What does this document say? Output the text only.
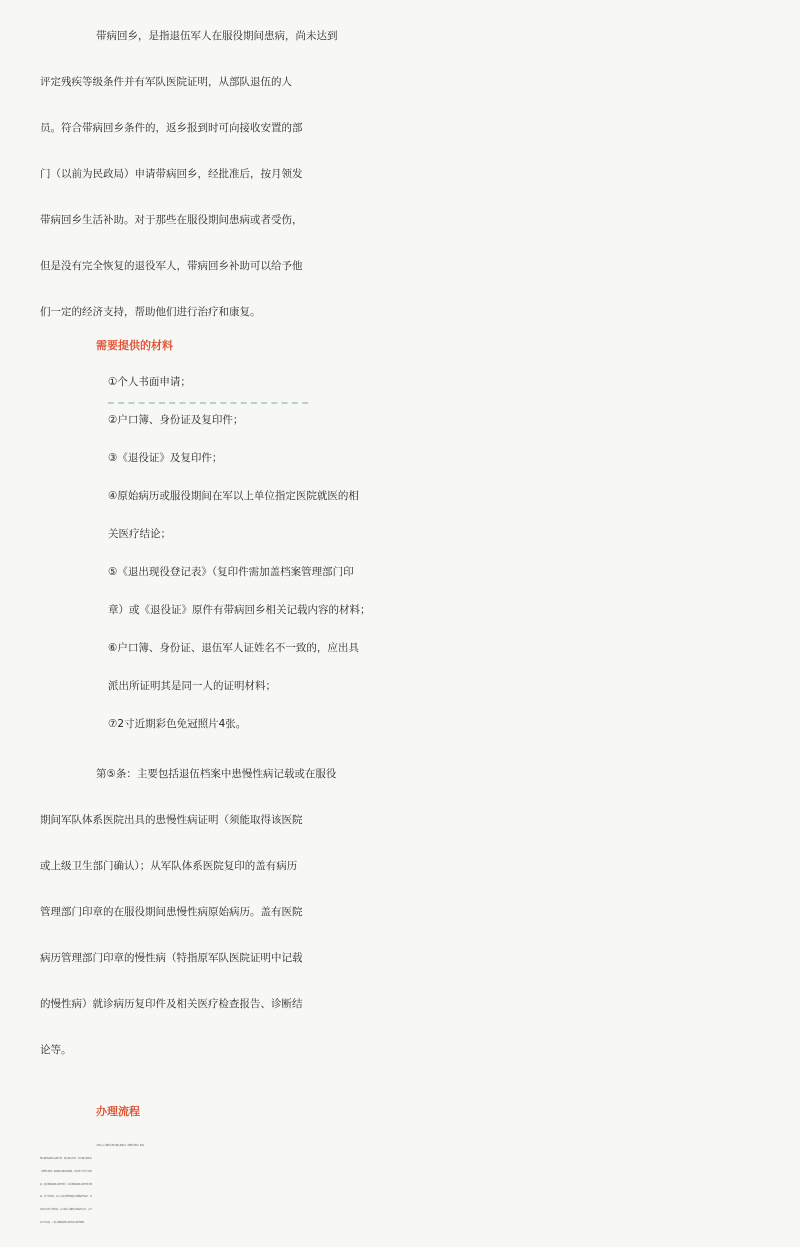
带病回乡，是指退伍军人在服役期间患病，尚未达到
评定残疾等级条件并有军队医院证明，从部队退伍的人
员。符合带病回乡条件的，返乡报到时可向接收安置的部
门（以前为民政局）申请带病回乡，经批准后，按月领发
带病回乡生活补助。对于那些在服役期间患病或者受伤，
但是没有完全恢复的退役军人，带病回乡补助可以给予他
们一定的经济支持，帮助他们进行治疗和康复。
需要提供的材料
①个人书面申请；
②户口簿、身份证及复印件；
③《退役证》及复印件；
④原始病历或服役期间在军以上单位指定医院就医的相
关医疗结论；
⑤《退出现役登记表》（复印件需加盖档案管理部门印
章）或《退役证》原件有带病回乡相关记载内容的材料；
⑥户口簿、身份证、退伍军人证姓名不一致的，应出具
派出所证明其是同一人的证明材料；
⑦2寸近期彩色免冠照片4张。
第⑤条：主要包括退伍档案中患慢性病记载或在服役
期间军队体系医院出具的患慢性病证明（须能取得该医院
或上级卫生部门确认）；从军队体系医院复印的盖有病历
管理部门印章的在服役期间患慢性病原始病历。盖有医院
病历管理部门印章的慢性病（特指原军队医院证明中记载
的慢性病）就诊病历复印件及相关医疗检查报告、诊断结
论等。
办理流程
申请人向户籍所在地乡镇人民政府（街道办事处）退役
军人服务站提出书面申请，提交相关材料。经乡镇人民政府
（街道办事处）退役军人服务站审核，材料齐全且符合条件
的，报县级退役军人事务部门。经县级退役军人事务部门审
核，符合条件的，由专人负责组织到指定医院进行体检。经
体检认为符合条件的，在申请人户籍所在地进行公示，公示
后无异议的，上报市级退役军人事务部门进行审批。
